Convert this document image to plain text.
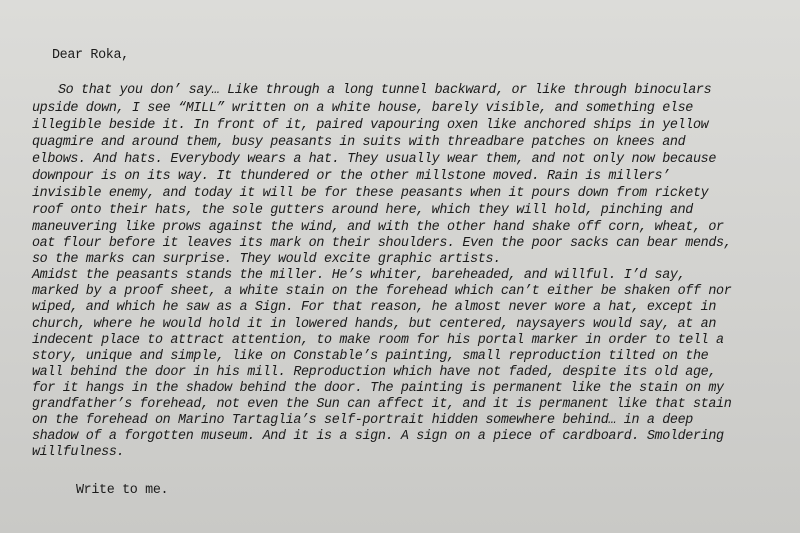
Dear Roka,
So that you don’ say… Like through a long tunnel backward, or like through binoculars
upside down, I see “MILL” written on a white house, barely visible, and something else
illegible beside it. In front of it, paired vapouring oxen like anchored ships in yellow
quagmire and around them, busy peasants in suits with threadbare patches on knees and
elbows. And hats. Everybody wears a hat. They usually wear them, and not only now because
downpour is on its way. It thundered or the other millstone moved. Rain is millers’
invisible enemy, and today it will be for these peasants when it pours down from rickety
roof onto their hats, the sole gutters around here, which they will hold, pinching and
maneuvering like prows against the wind, and with the other hand shake off corn, wheat, or
oat flour before it leaves its mark on their shoulders. Even the poor sacks can bear mends,
so the marks can surprise. They would excite graphic artists.
Amidst the peasants stands the miller. He’s whiter, bareheaded, and willful. I’d say,
marked by a proof sheet, a white stain on the forehead which can’t either be shaken off nor
wiped, and which he saw as a Sign. For that reason, he almost never wore a hat, except in
church, where he would hold it in lowered hands, but centered, naysayers would say, at an
indecent place to attract attention, to make room for his portal marker in order to tell a
story, unique and simple, like on Constable’s painting, small reproduction tilted on the
wall behind the door in his mill. Reproduction which have not faded, despite its old age,
for it hangs in the shadow behind the door. The painting is permanent like the stain on my
grandfather’s forehead, not even the Sun can affect it, and it is permanent like that stain
on the forehead on Marino Tartaglia’s self-portrait hidden somewhere behind… in a deep
shadow of a forgotten museum. And it is a sign. A sign on a piece of cardboard. Smoldering
willfulness.
Write to me.
